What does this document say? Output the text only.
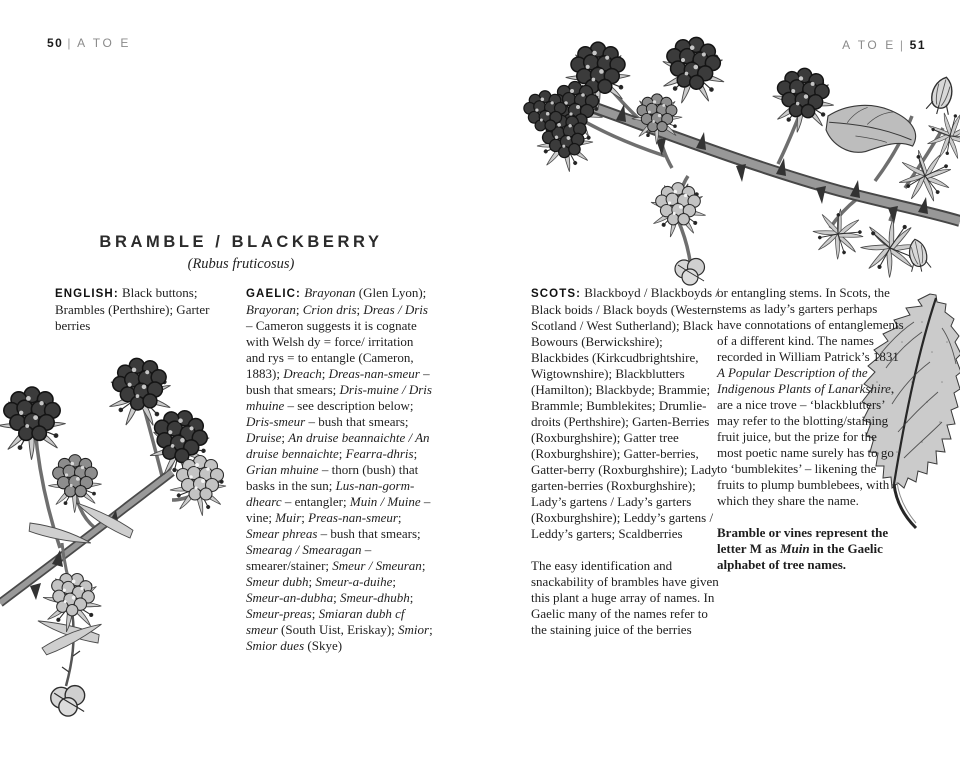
50 | A TO E	A TO E | 51
BRAMBLE / BLACKBERRY
(Rubus fruticosus)

ENGLISH: Black buttons; Brambles (Perthshire); Garter berries

GAELIC: Brayonan (Glen Lyon); Brayoran; Crion dris; Dreas / Dris – Cameron suggests it is cognate with Welsh dy = force/ irritation and rys = to entangle (Cameron, 1883); Dreach; Dreas-nan-smeur – bush that smears; Dris-muine / Dris mhuine – see description below; Dris-smeur – bush that smears; Druise; An druise beannaichte / An druise bennaichte; Fearra-dhris; Grian mhuine – thorn (bush) that basks in the sun; Lus-nan-gorm-dhearc – entangler; Muin / Muine – vine; Muir; Preas-nan-smeur; Smear phreas – bush that smears; Smearag / Smearagan –smearer/stainer; Smeur / Smeuran; Smeur dubh; Smeur-a-duihe; Smeur-an-dubha; Smeur-dhubh; Smeur-preas; Smiaran dubh cf smeur (South Uist, Eriskay); Smior; Smior dues (Skye)

SCOTS: Blackboyd / Blackboyds / Black boids / Black boyds (Western Scotland / West Sutherland); Black Bowours (Berwickshire); Blackbides (Kirkcudbrightshire, Wigtownshire); Blackblutters (Hamilton); Blackbyde; Brammie; Brammle; Bumblekites; Drumlie-droits (Perthshire); Garten-Berries (Roxburghshire); Gatter tree (Roxburghshire); Gatter-berries, Gatter-berry (Roxburghshire); Lady garten-berries (Roxburghshire); Lady’s gartens / Lady’s garters (Roxburghshire); Leddy’s gartens / Leddy’s garters; Scaldberries

The easy identification and snackability of brambles have given this plant a huge array of names. In Gaelic many of the names refer to the staining juice of the berries

or entangling stems. In Scots, the stems as lady’s garters perhaps have connotations of entanglements of a different kind. The names recorded in William Patrick’s 1831 A Popular Description of the Indigenous Plants of Lanarkshire, are a nice trove – ‘blackblutters’ may refer to the blotting/staining fruit juice, but the prize for the most poetic name surely has to go to ‘bumblekites’ – likening the fruits to plump bumblebees, with which they share the name.

Bramble or vines represent the letter M as Muin in the Gaelic alphabet of tree names.
